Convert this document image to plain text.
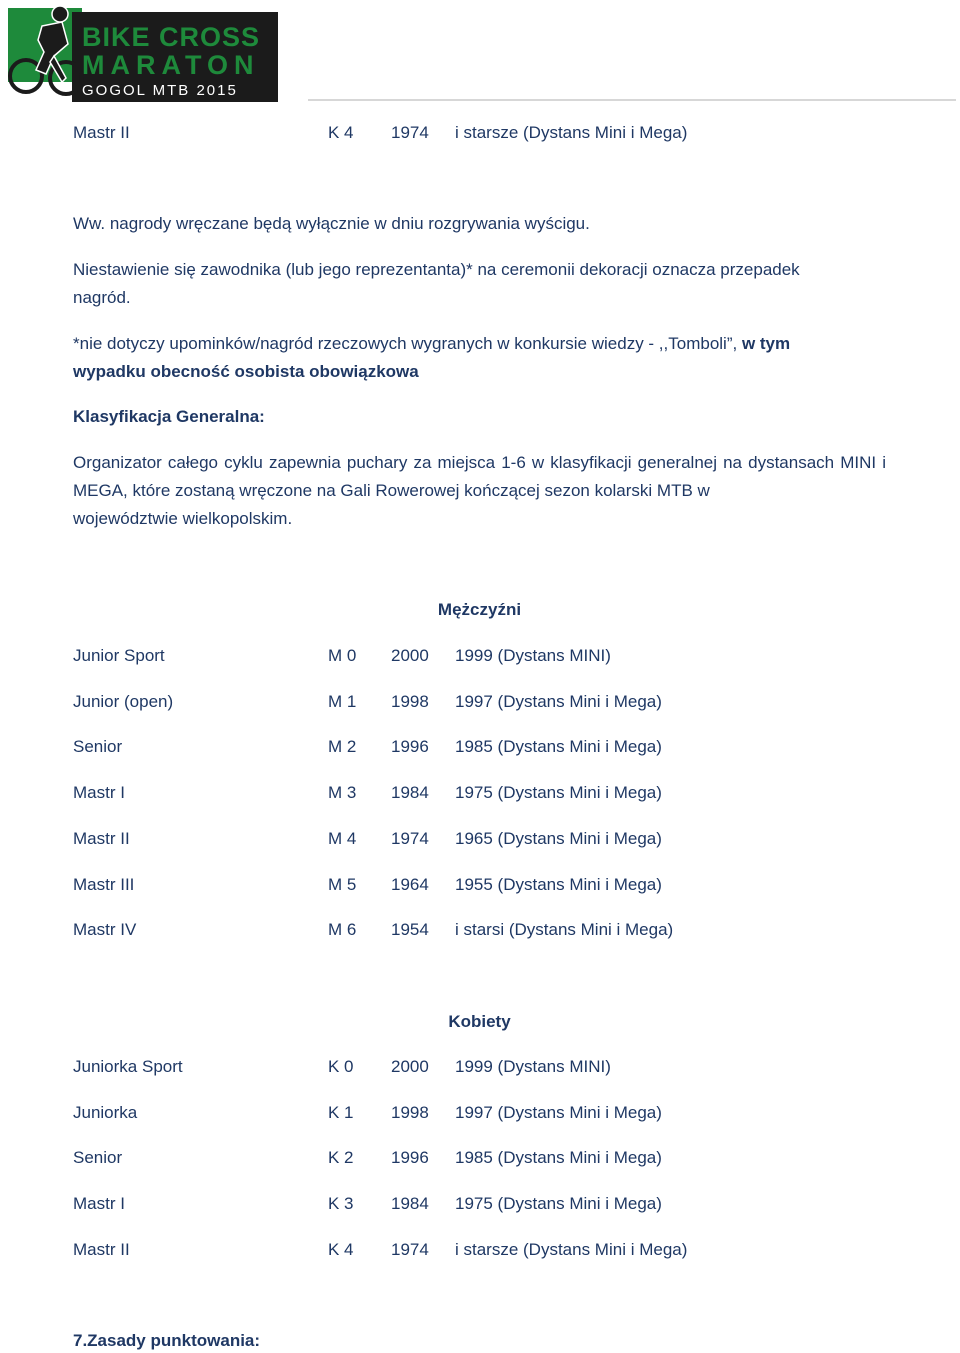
BIKE CROSS
MARATON
GOGOL MTB 2015
Mastr II	K 4 1974 i starsze (Dystans Mini i Mega)
Ww. nagrody wręczane będą wyłącznie w dniu rozgrywania wyścigu.
Niestawienie się zawodnika (lub jego reprezentanta)* na ceremonii dekoracji oznacza przepadek
nagród.
*nie dotyczy upominków/nagród rzeczowych wygranych w konkursie wiedzy - ,,Tomboli”, w tym
wypadku obecność osobista obowiązkowa
Klasyfikacja Generalna:
Organizator całego cyklu zapewnia puchary za miejsca 1-6 w klasyfikacji generalnej na dystansach MINI i MEGA, które zostaną wręczone na Gali Rowerowej kończącej sezon kolarski MTB w
województwie wielkopolskim.
Mężczyźni
Junior Sport	M 0 2000 1999 (Dystans MINI)
Junior (open)	M 1 1998 1997 (Dystans Mini i Mega)
Senior	M 2 1996 1985 (Dystans Mini i Mega)
Mastr I	M 3 1984 1975 (Dystans Mini i Mega)
Mastr II	M 4 1974 1965 (Dystans Mini i Mega)
Mastr III	M 5 1964 1955 (Dystans Mini i Mega)
Mastr IV	M 6 1954 i starsi (Dystans Mini i Mega)
Kobiety
Juniorka Sport	K 0 2000 1999 (Dystans MINI)
Juniorka	K 1 1998 1997 (Dystans Mini i Mega)
Senior	K 2 1996 1985 (Dystans Mini i Mega)
Mastr I	K 3 1984 1975 (Dystans Mini i Mega)
Mastr II	K 4 1974 i starsze (Dystans Mini i Mega)
7.Zasady punktowania:
